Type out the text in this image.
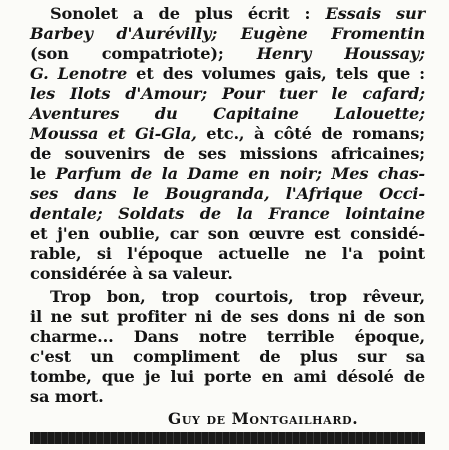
Sonolet a de plus écrit : Essais sur
Barbey d'Aurévilly; Eugène Fromentin
(son compatriote); Henry Houssay;
G. Lenotre et des volumes gais, tels que :
les Ilots d'Amour; Pour tuer le cafard;
Aventures du Capitaine Lalouette;
Moussa et Gi-Gla, etc., à côté de romans;
de souvenirs de ses missions africaines;
le Parfum de la Dame en noir; Mes chas-
ses dans le Bougranda, l'Afrique Occi-
dentale; Soldats de la France lointaine
et j'en oublie, car son œuvre est considé-
rable, si l'époque actuelle ne l'a point
considérée à sa valeur.
Trop bon, trop courtois, trop rêveur,
il ne sut profiter ni de ses dons ni de son
charme... Dans notre terrible époque,
c'est un compliment de plus sur sa
tombe, que je lui porte en ami désolé de
sa mort.
Guy de Montgailhard.
